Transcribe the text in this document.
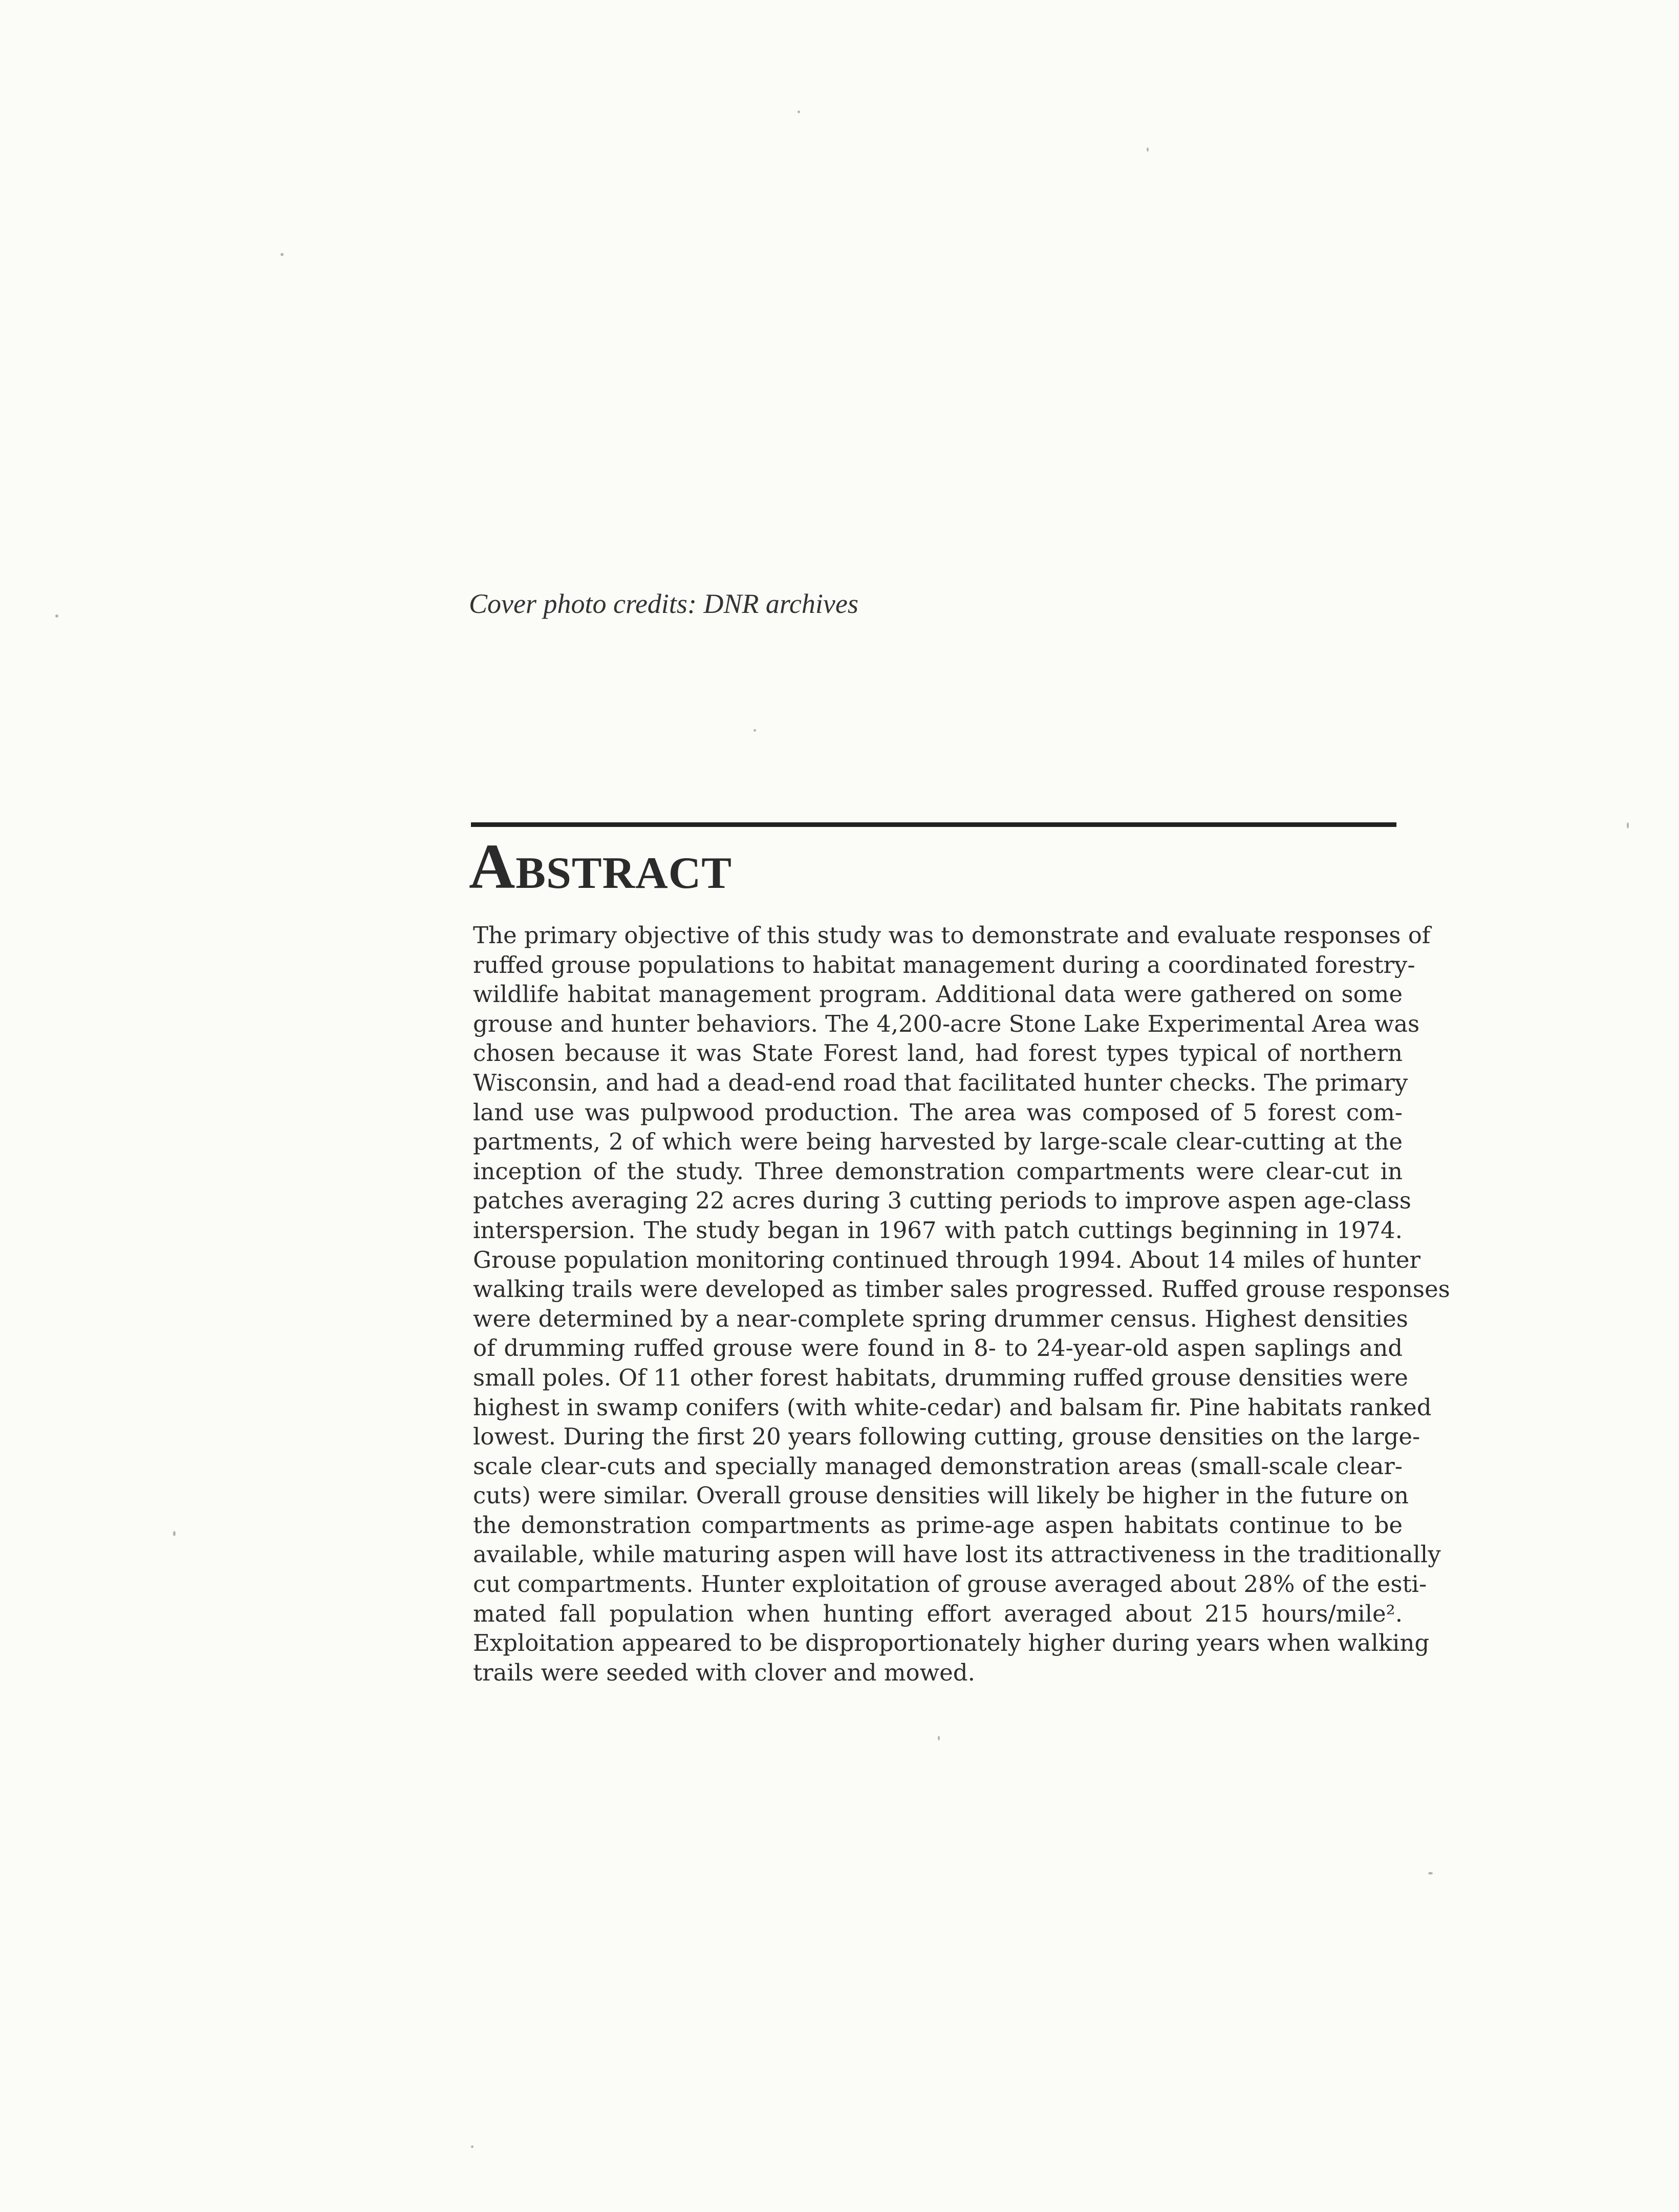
Cover photo credits: DNR archives
Abstract
The primary objective of this study was to demonstrate and evaluate responses of
ruffed grouse populations to habitat management during a coordinated forestry-
wildlife habitat management program. Additional data were gathered on some
grouse and hunter behaviors. The 4,200-acre Stone Lake Experimental Area was
chosen because it was State Forest land, had forest types typical of northern
Wisconsin, and had a dead-end road that facilitated hunter checks. The primary
land use was pulpwood production. The area was composed of 5 forest com-
partments, 2 of which were being harvested by large-scale clear-cutting at the
inception of the study. Three demonstration compartments were clear-cut in
patches averaging 22 acres during 3 cutting periods to improve aspen age-class
interspersion. The study began in 1967 with patch cuttings beginning in 1974.
Grouse population monitoring continued through 1994. About 14 miles of hunter
walking trails were developed as timber sales progressed. Ruffed grouse responses
were determined by a near-complete spring drummer census. Highest densities
of drumming ruffed grouse were found in 8- to 24-year-old aspen saplings and
small poles. Of 11 other forest habitats, drumming ruffed grouse densities were
highest in swamp conifers (with white-cedar) and balsam fir. Pine habitats ranked
lowest. During the first 20 years following cutting, grouse densities on the large-
scale clear-cuts and specially managed demonstration areas (small-scale clear-
cuts) were similar. Overall grouse densities will likely be higher in the future on
the demonstration compartments as prime-age aspen habitats continue to be
available, while maturing aspen will have lost its attractiveness in the traditionally
cut compartments. Hunter exploitation of grouse averaged about 28% of the esti-
mated fall population when hunting effort averaged about 215 hours/mile².
Exploitation appeared to be disproportionately higher during years when walking
trails were seeded with clover and mowed.
